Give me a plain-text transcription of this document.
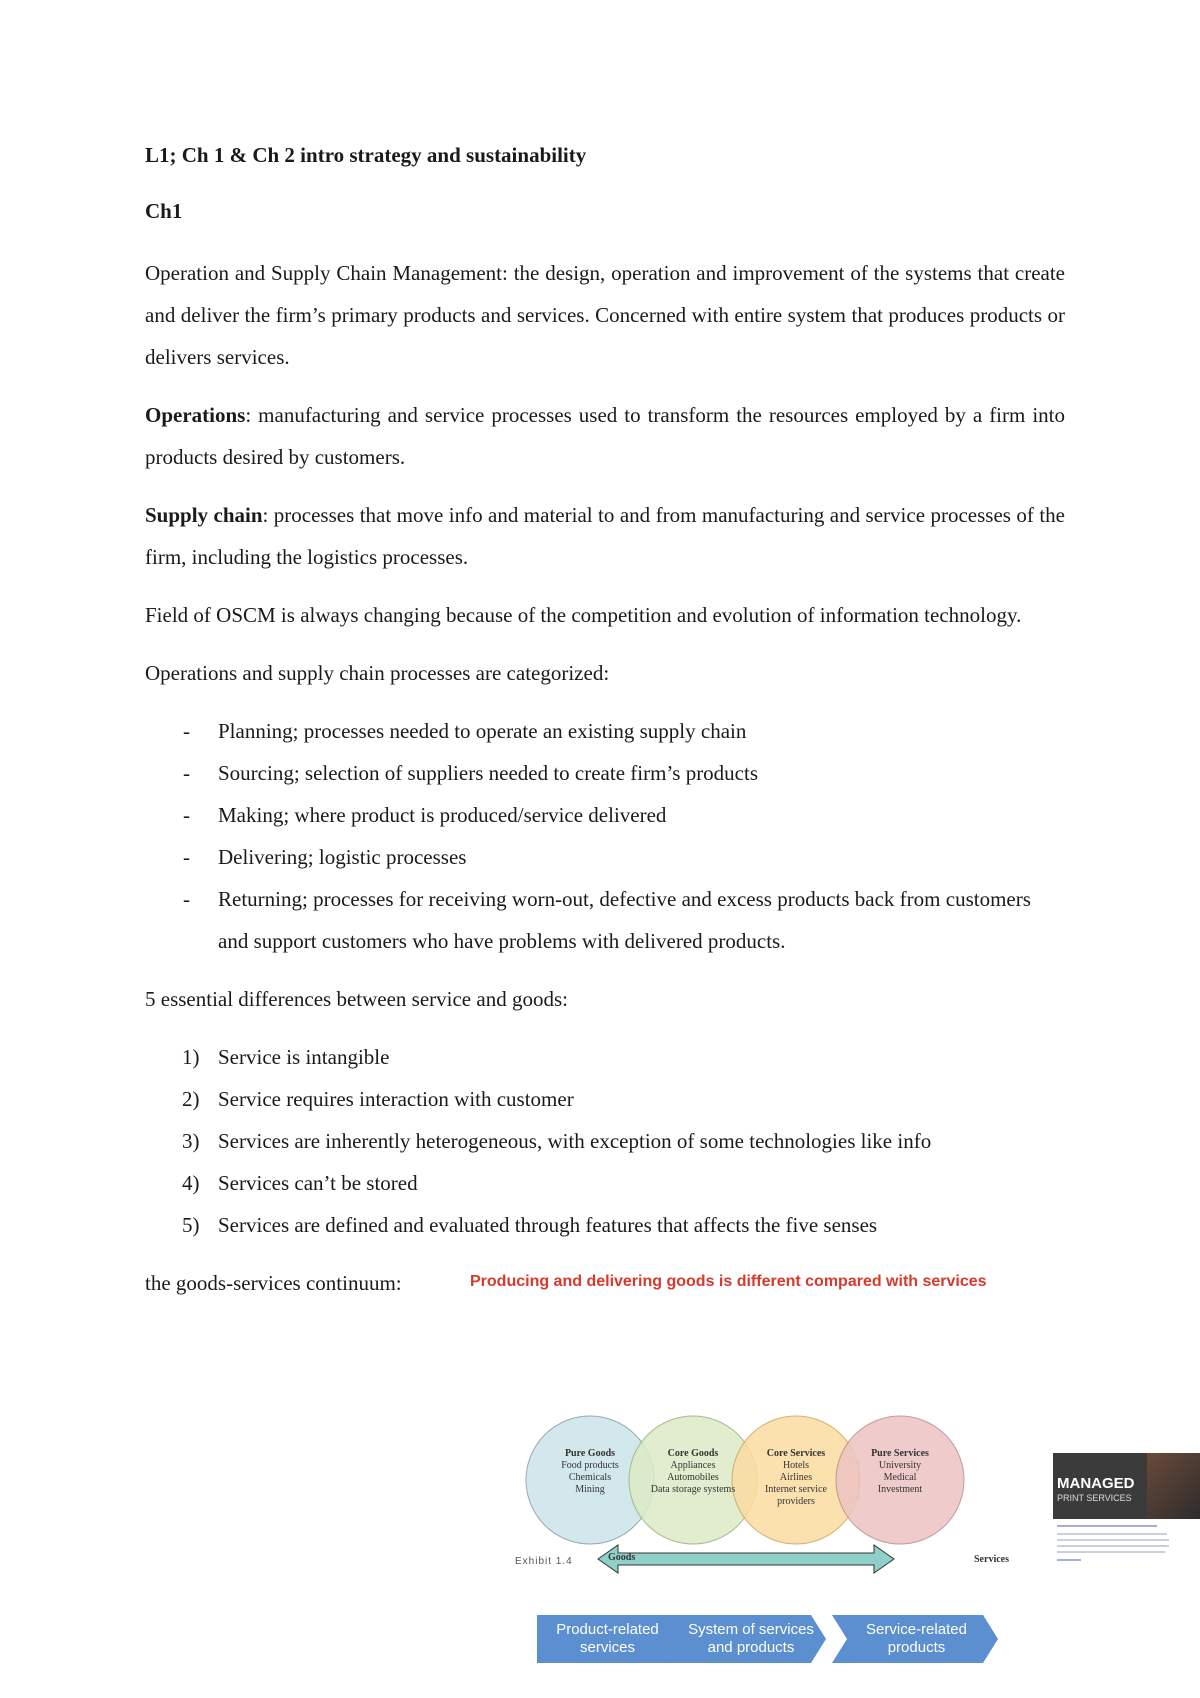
L1; Ch 1 & Ch 2 intro strategy and sustainability
Ch1

Operation and Supply Chain Management: the design, operation and improvement of the systems that create and deliver the firm’s primary products and services. Concerned with entire system that produces products or delivers services.

Operations: manufacturing and service processes used to transform the resources employed by a firm into products desired by customers.

Supply chain: processes that move info and material to and from manufacturing and service processes of the firm, including the logistics processes.

Field of OSCM is always changing because of the competition and evolution of information technology.

Operations and supply chain processes are categorized:

- Planning; processes needed to operate an existing supply chain
- Sourcing; selection of suppliers needed to create firm’s products
- Making; where product is produced/service delivered
- Delivering; logistic processes
- Returning; processes for receiving worn-out, defective and excess products back from customers and support customers who have problems with delivered products.

5 essential differences between service and goods:

1) Service is intangible
2) Service requires interaction with customer
3) Services are inherently heterogeneous, with exception of some technologies like info
4) Services can’t be stored
5) Services are defined and evaluated through features that affects the five senses
the goods-services continuum:	Producing and delivering goods is different compared with services
Pure Goods
Food products
Chemicals
Mining
Core Goods
Appliances
Automobiles
Data storage systems
Core Services
Hotels
Airlines
Internet service
providers
Pure Services
University
Medical
Investment
Exhibit 1.4	Goods	Services
Product-related services
System of services and products
Service-related products
MANAGED
PRINT SERVICES
